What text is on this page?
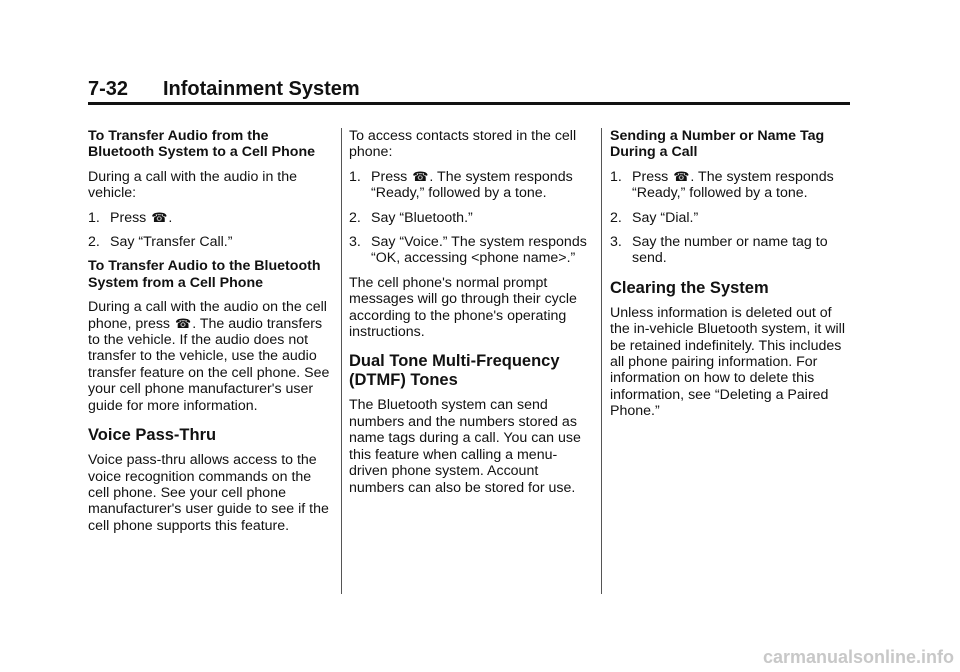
7-32 Infotainment System

To Transfer Audio from the Bluetooth System to a Cell Phone

During a call with the audio in the vehicle:

1. Press ☎.
2. Say “Transfer Call.”

To Transfer Audio to the Bluetooth System from a Cell Phone

During a call with the audio on the cell phone, press ☎. The audio transfers to the vehicle. If the audio does not transfer to the vehicle, use the audio transfer feature on the cell phone. See your cell phone manufacturer's user guide for more information.

Voice Pass-Thru

Voice pass-thru allows access to the voice recognition commands on the cell phone. See your cell phone manufacturer's user guide to see if the cell phone supports this feature.

To access contacts stored in the cell phone:

1. Press ☎. The system responds “Ready,” followed by a tone.
2. Say “Bluetooth.”
3. Say “Voice.” The system responds “OK, accessing <phone name>.”

The cell phone's normal prompt messages will go through their cycle according to the phone's operating instructions.

Dual Tone Multi-Frequency (DTMF) Tones

The Bluetooth system can send numbers and the numbers stored as name tags during a call. You can use this feature when calling a menu-driven phone system. Account numbers can also be stored for use.

Sending a Number or Name Tag During a Call

1. Press ☎. The system responds “Ready,” followed by a tone.
2. Say “Dial.”
3. Say the number or name tag to send.
Clearing the System

Unless information is deleted out of the in-vehicle Bluetooth system, it will be retained indefinitely. This includes all phone pairing information. For information on how to delete this information, see “Deleting a Paired Phone.”

carmanualsonline.info
